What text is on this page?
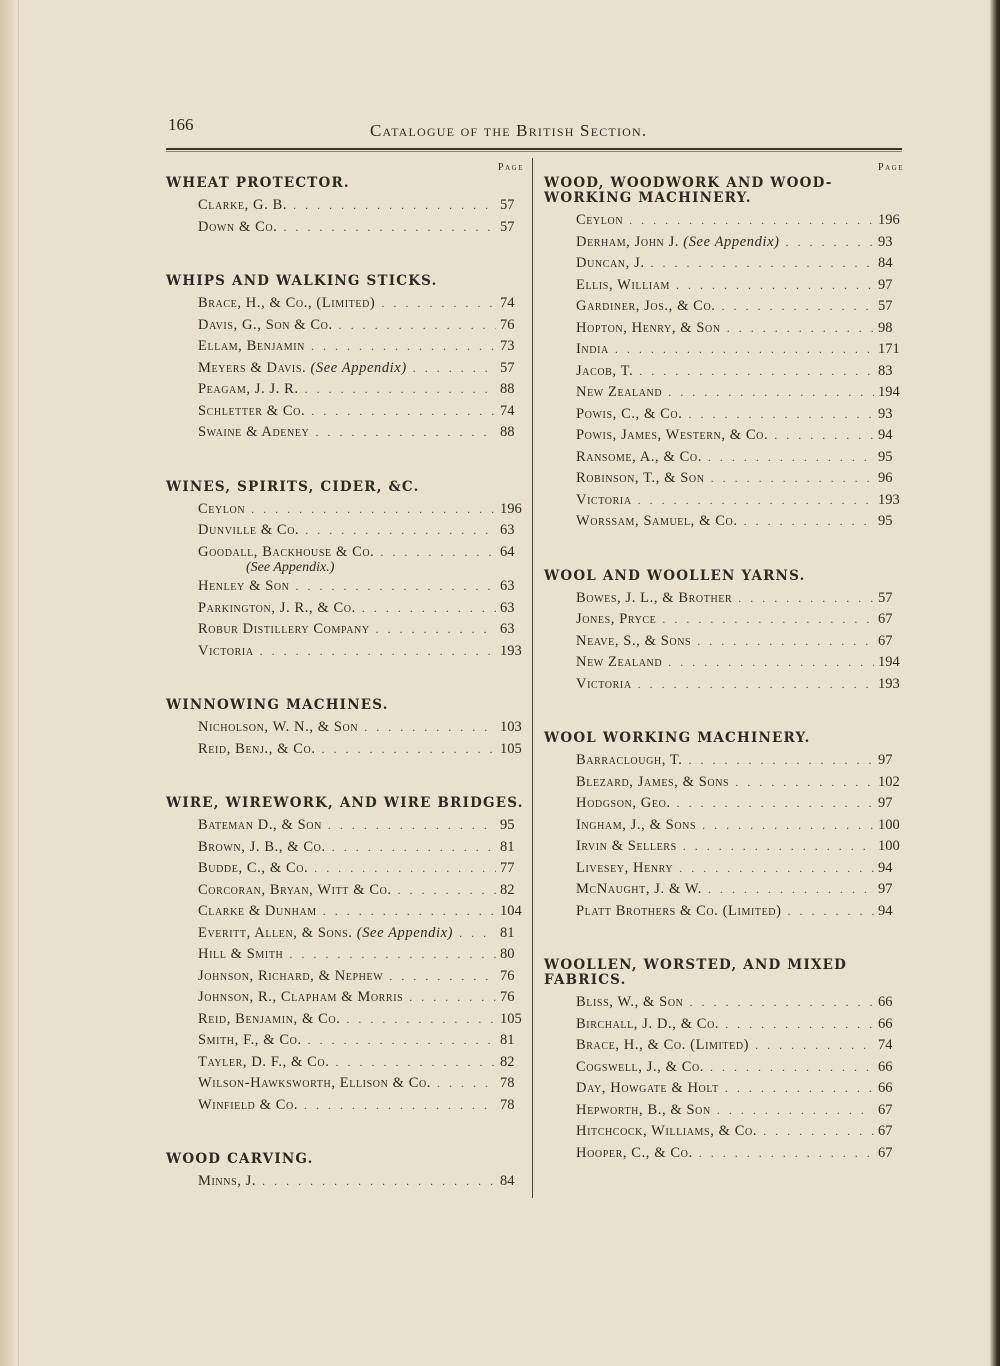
166	Catalogue of the British Section.
Page
WHEAT PROTECTOR.
Clarke, G. B. . . .	57
Down & Co. . . .	57
WHIPS AND WALKING STICKS.
Brace, H., & Co., (Limited) . . .	74
Davis, G., Son & Co. . . .	76
Ellam, Benjamin . . .	73
Meyers & Davis. (See Appendix) . . .	57
Peagam, J. J. R. . . .	88
Schletter & Co. . . .	74
Swaine & Adeney . . .	88
WINES, SPIRITS, CIDER, &C.
Ceylon . . .	196
Dunville & Co. . . .	63
Goodall, Backhouse & Co. . . .	64
(See Appendix.)
Henley & Son . . .	63
Parkington, J. R., & Co. . . .	63
Robur Distillery Company . . .	63
Victoria . . .	193
WINNOWING MACHINES.
Nicholson, W. N., & Son . . .	103
Reid, Benj., & Co. . . .	105
WIRE, WIREWORK, AND WIRE BRIDGES.
Bateman D., & Son . . .	95
Brown, J. B., & Co. . . .	81
Budde, C., & Co. . . .	77
Corcoran, Bryan, Witt & Co. . . .	82
Clarke & Dunham . . .	104
Everitt, Allen, & Sons. (See Appendix) . . .	81
Hill & Smith . . .	80
Johnson, Richard, & Nephew . . .	76
Johnson, R., Clapham & Morris . . .	76
Reid, Benjamin, & Co. . . .	105
Smith, F., & Co. . . .	81
Tayler, D. F., & Co. . . .	82
Wilson-Hawksworth, Ellison & Co. . . .	78
Winfield & Co. . . .	78
WOOD CARVING.
Minns, J. . . .	84
Page
WOOD, WOODWORK AND WOOD-WORKING MACHINERY.
Ceylon . . .	196
Derham, John J. (See Appendix) . . .	93
Duncan, J. . . .	84
Ellis, William . . .	97
Gardiner, Jos., & Co. . . .	57
Hopton, Henry, & Son . . .	98
India . . .	171
Jacob, T. . . .	83
New Zealand . . .	194
Powis, C., & Co. . . .	93
Powis, James, Western, & Co. . . .	94
Ransome, A., & Co. . . .	95
Robinson, T., & Son . . .	96
Victoria . . .	193
Worssam, Samuel, & Co. . . .	95
WOOL AND WOOLLEN YARNS.
Bowes, J. L., & Brother . . .	57
Jones, Pryce . . .	67
Neave, S., & Sons . . .	67
New Zealand . . .	194
Victoria . . .	193
WOOL WORKING MACHINERY.
Barraclough, T. . . .	97
Blezard, James, & Sons . . .	102
Hodgson, Geo. . . .	97
Ingham, J., & Sons . . .	100
Irvin & Sellers . . .	100
Livesey, Henry . . .	94
McNaught, J. & W. . . .	97
Platt Brothers & Co. (Limited) . . .	94
WOOLLEN, WORSTED, AND MIXED FABRICS.
Bliss, W., & Son . . .	66
Birchall, J. D., & Co. . . .	66
Brace, H., & Co. (Limited) . . .	74
Cogswell, J., & Co. . . .	66
Day, Howgate & Holt . . .	66
Hepworth, B., & Son . . .	67
Hitchcock, Williams, & Co. . . .	67
Hooper, C., & Co. . . .	67
